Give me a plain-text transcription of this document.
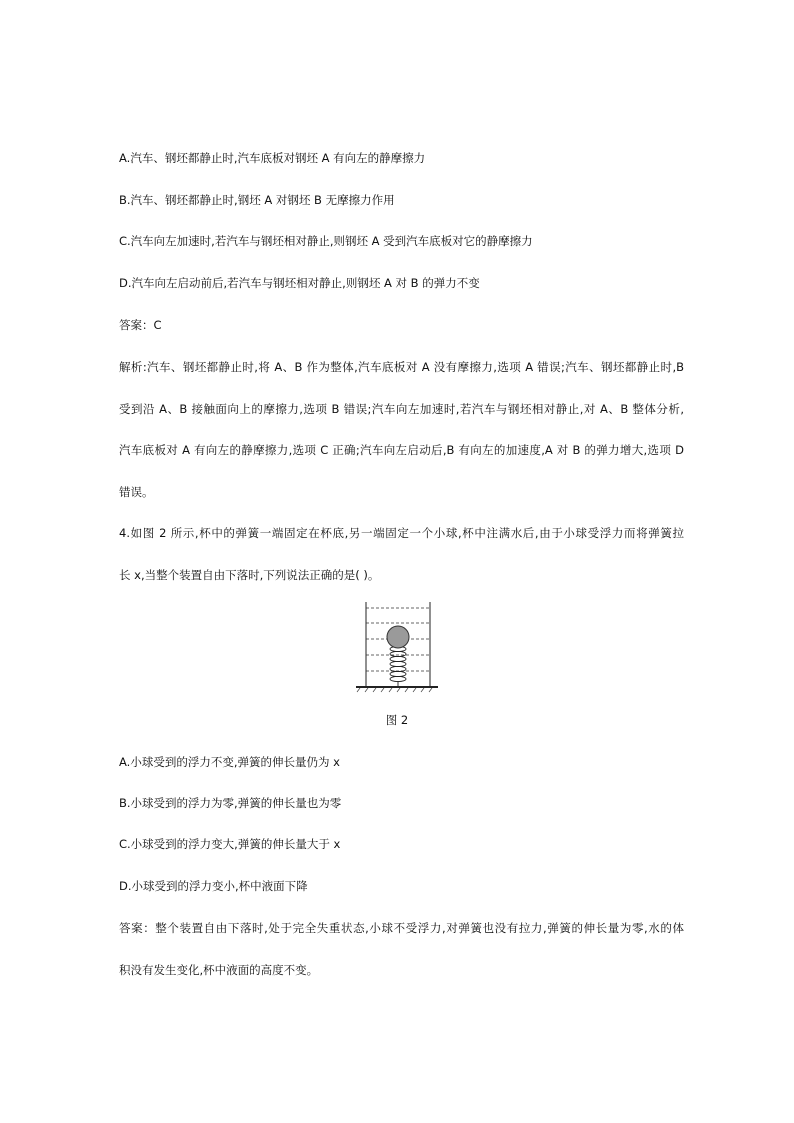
A.汽车、钢坯都静止时,汽车底板对钢坯 A 有向左的静摩擦力
B.汽车、钢坯都静止时,钢坯 A 对钢坯 B 无摩擦力作用
C.汽车向左加速时,若汽车与钢坯相对静止,则钢坯 A 受到汽车底板对它的静摩擦力
D.汽车向左启动前后,若汽车与钢坯相对静止,则钢坯 A 对 B 的弹力不变
答案：C
解析:汽车、钢坯都静止时,将 A、B 作为整体,汽车底板对 A 没有摩擦力,选项 A 错误;汽车、钢坯都静止时,B
受到沿 A、B 接触面向上的摩擦力,选项 B 错误;汽车向左加速时,若汽车与钢坯相对静止,对 A、B 整体分析,
汽车底板对 A 有向左的静摩擦力,选项 C 正确;汽车向左启动后,B 有向左的加速度,A 对 B 的弹力增大,选项 D
错误。
4.如图 2 所示,杯中的弹簧一端固定在杯底,另一端固定一个小球,杯中注满水后,由于小球受浮力而将弹簧拉
长 x,当整个装置自由下落时,下列说法正确的是( )。
图 2
A.小球受到的浮力不变,弹簧的伸长量仍为 x
B.小球受到的浮力为零,弹簧的伸长量也为零
C.小球受到的浮力变大,弹簧的伸长量大于 x
D.小球受到的浮力变小,杯中液面下降
答案：整个装置自由下落时,处于完全失重状态,小球不受浮力,对弹簧也没有拉力,弹簧的伸长量为零,水的体
积没有发生变化,杯中液面的高度不变。
